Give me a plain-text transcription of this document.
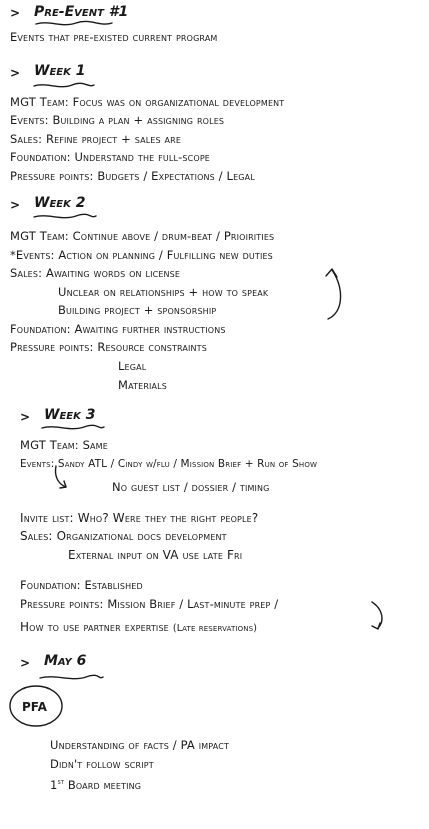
> Pre-Event #1
Events that pre-existed current program
> Week 1
MGT Team: Focus was on organizational development
Events: Building a plan + assigning roles
Sales: Refine project + sales are
Foundation: Understand the full-scope
Pressure points: Budgets / Expectations / Legal
> Week 2
MGT Team: Continue above / drum-beat / Prioirities
*Events: Action on planning / Fulfilling new duties
Sales: Awaiting words on license
Unclear on relationships + how to speak
Building project + sponsorship
Foundation: Awaiting further instructions
Pressure points: Resource constraints
Legal
Materials
> Week 3
MGT Team: Same
Events: Sandy ATL / Cindy w/flu / Mission Brief + Run of Show
No guest list / dossier / timing
Invite list: Who? Were they the right people?
Sales: Organizational docs development
External input on VA use late Fri
Foundation: Established
Pressure points: Mission Brief / Last-minute prep /
How to use partner expertise (Late reservations)
> May 6
PFA
Understanding of facts / PA impact
Didn't follow script
1st Board meeting
